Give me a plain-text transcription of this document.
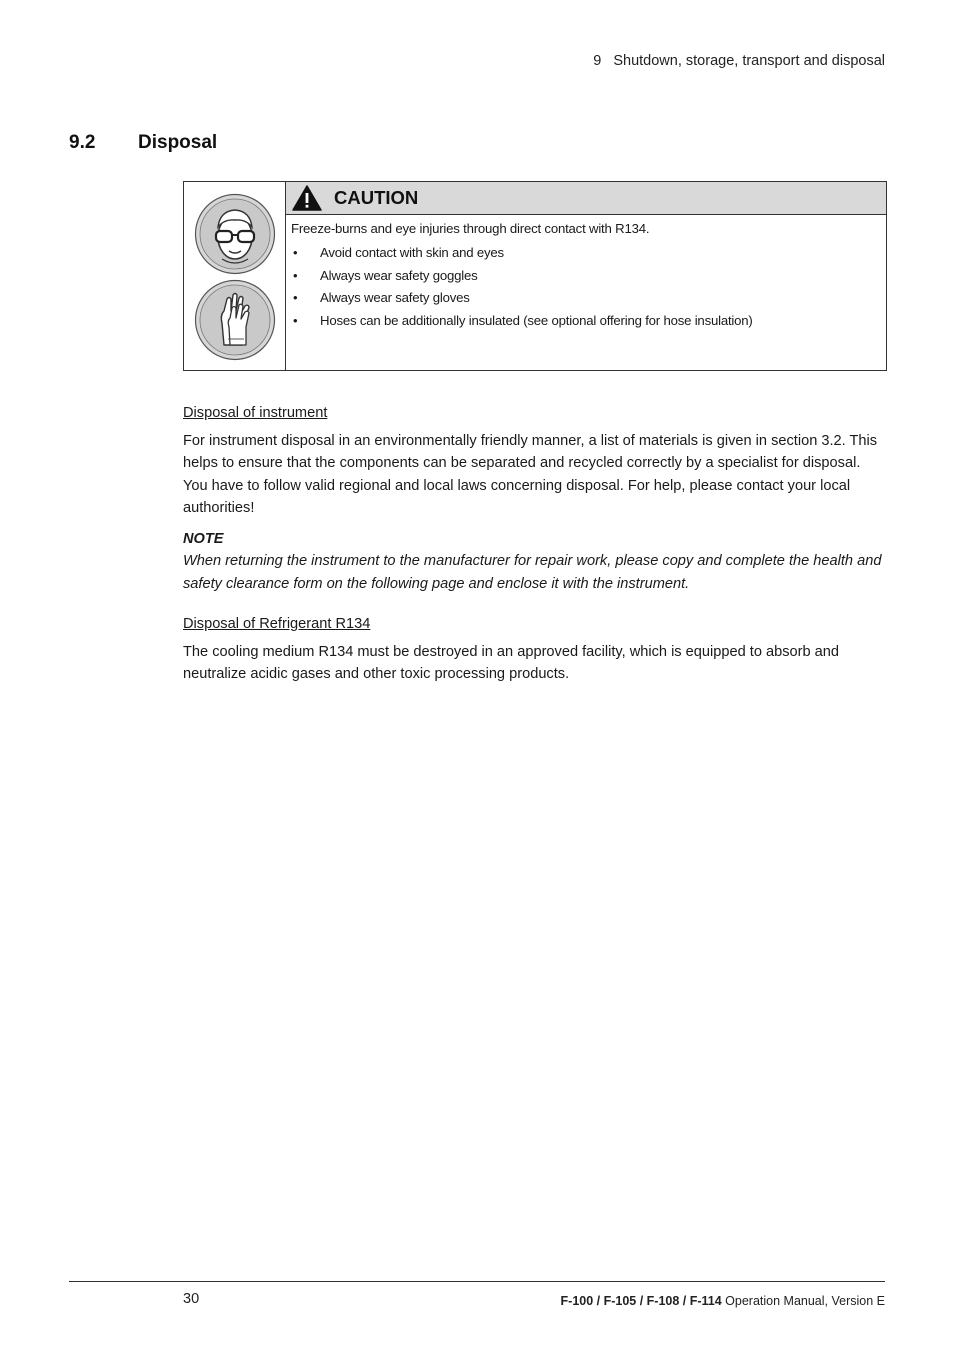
9 Shutdown, storage, transport and disposal
9.2 Disposal
CAUTION

Freeze-burns and eye injuries through direct contact with R134.

• Avoid contact with skin and eyes
• Always wear safety goggles
• Always wear safety gloves
• Hoses can be additionally insulated (see optional offering for hose insulation)

Disposal of instrument

For instrument disposal in an environmentally friendly manner, a list of materials is given in section 3.2. This helps to ensure that the components can be separated and recycled correctly by a specialist for disposal.

You have to follow valid regional and local laws concerning disposal. For help, please contact your local authorities!

NOTE

When returning the instrument to the manufacturer for repair work, please copy and complete the health and safety clearance form on the following page and enclose it with the instrument.

Disposal of Refrigerant R134

The cooling medium R134 must be destroyed in an approved facility, which is equipped to absorb and neutralize acidic gases and other toxic processing products.

30	F-100 / F-105 / F-108 / F-114 Operation Manual, Version E
